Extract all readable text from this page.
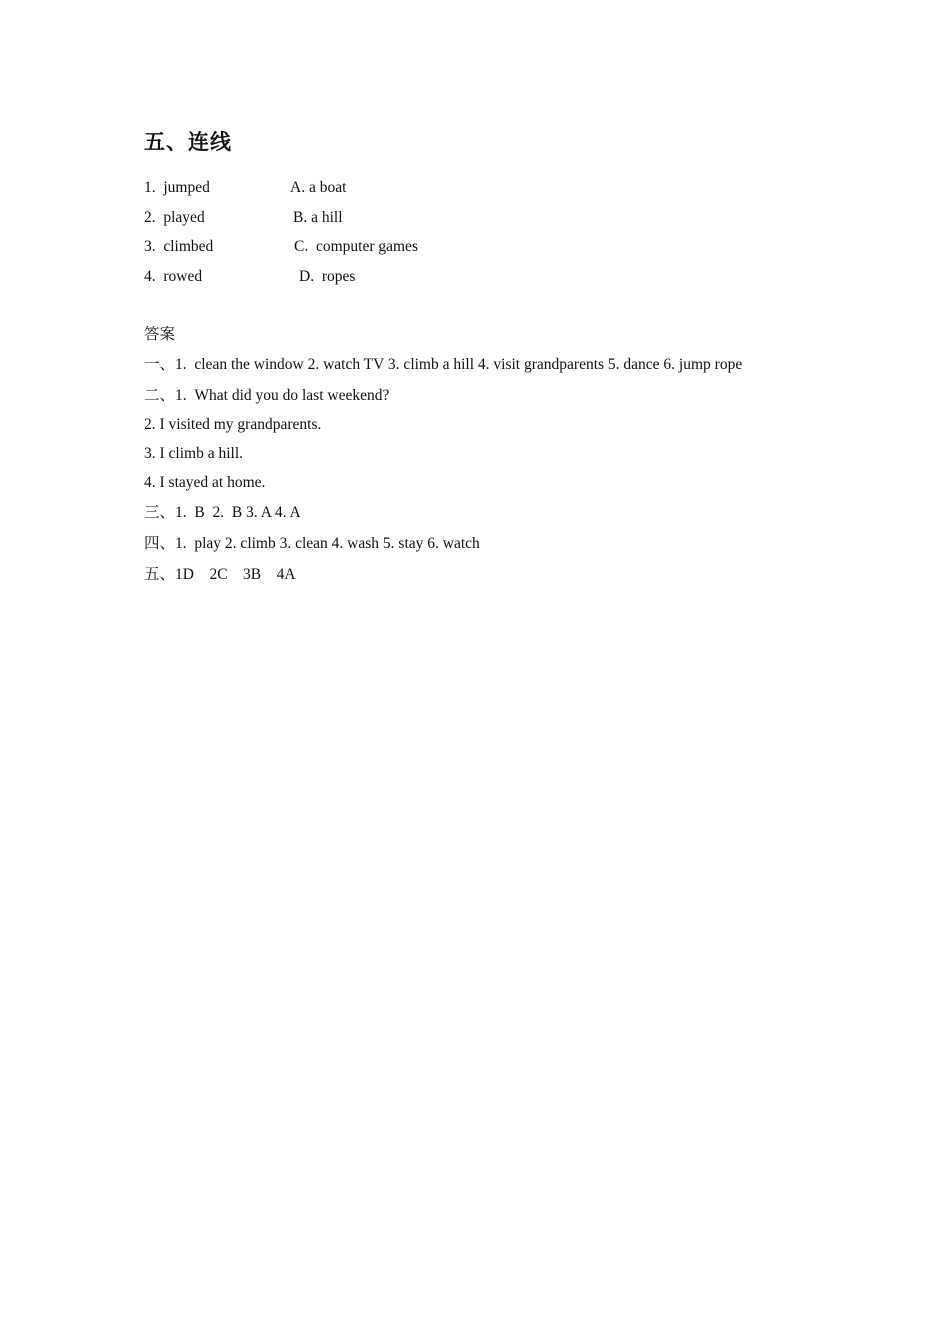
五、连线
1.  jumped
2.  played
3.  climbed
4.  rowed
A. a boat
B. a hill
C.  computer games
D.  ropes
答案
一、1.  clean the window 2. watch TV 3. climb a hill 4. visit grandparents 5. dance 6. jump rope
二、1.  What did you do last weekend?
2. I visited my grandparents.
3. I climb a hill.
4. I stayed at home.
三、1.  B  2.  B 3. A 4. A
四、1.  play 2. climb 3. clean 4. wash 5. stay 6. watch
五、1D    2C    3B    4A
